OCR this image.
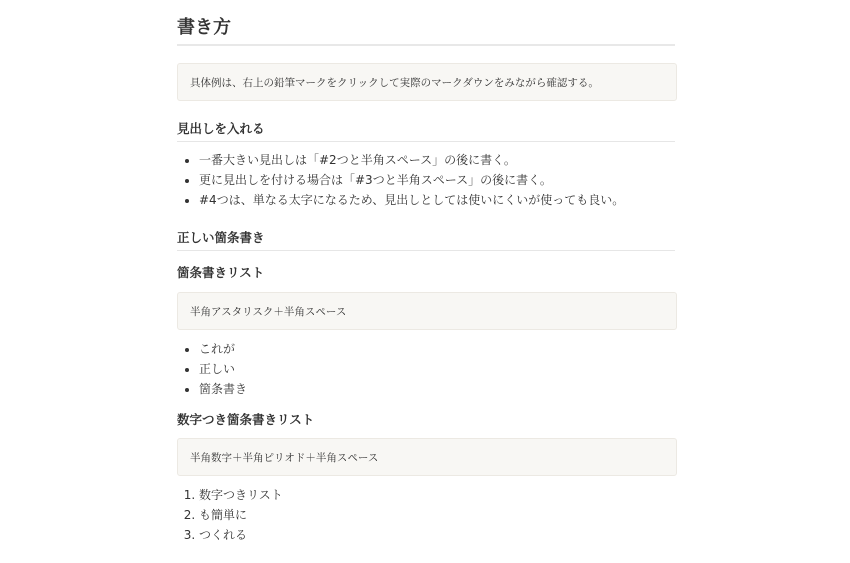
書き方
具体例は、右上の鉛筆マークをクリックして実際のマークダウンをみながら確認する。
見出しを入れる
• 一番大きい見出しは「#2つと半角スペース」の後に書く。
• 更に見出しを付ける場合は「#3つと半角スペース」の後に書く。
• #4つは、単なる太字になるため、見出しとしては使いにくいが使っても良い。
正しい箇条書き
箇条書きリスト
半角アスタリスク＋半角スペース
• これが
• 正しい
• 箇条書き
数字つき箇条書きリスト
半角数字＋半角ピリオド＋半角スペース
1. 数字つきリスト
2. も簡単に
3. つくれる
